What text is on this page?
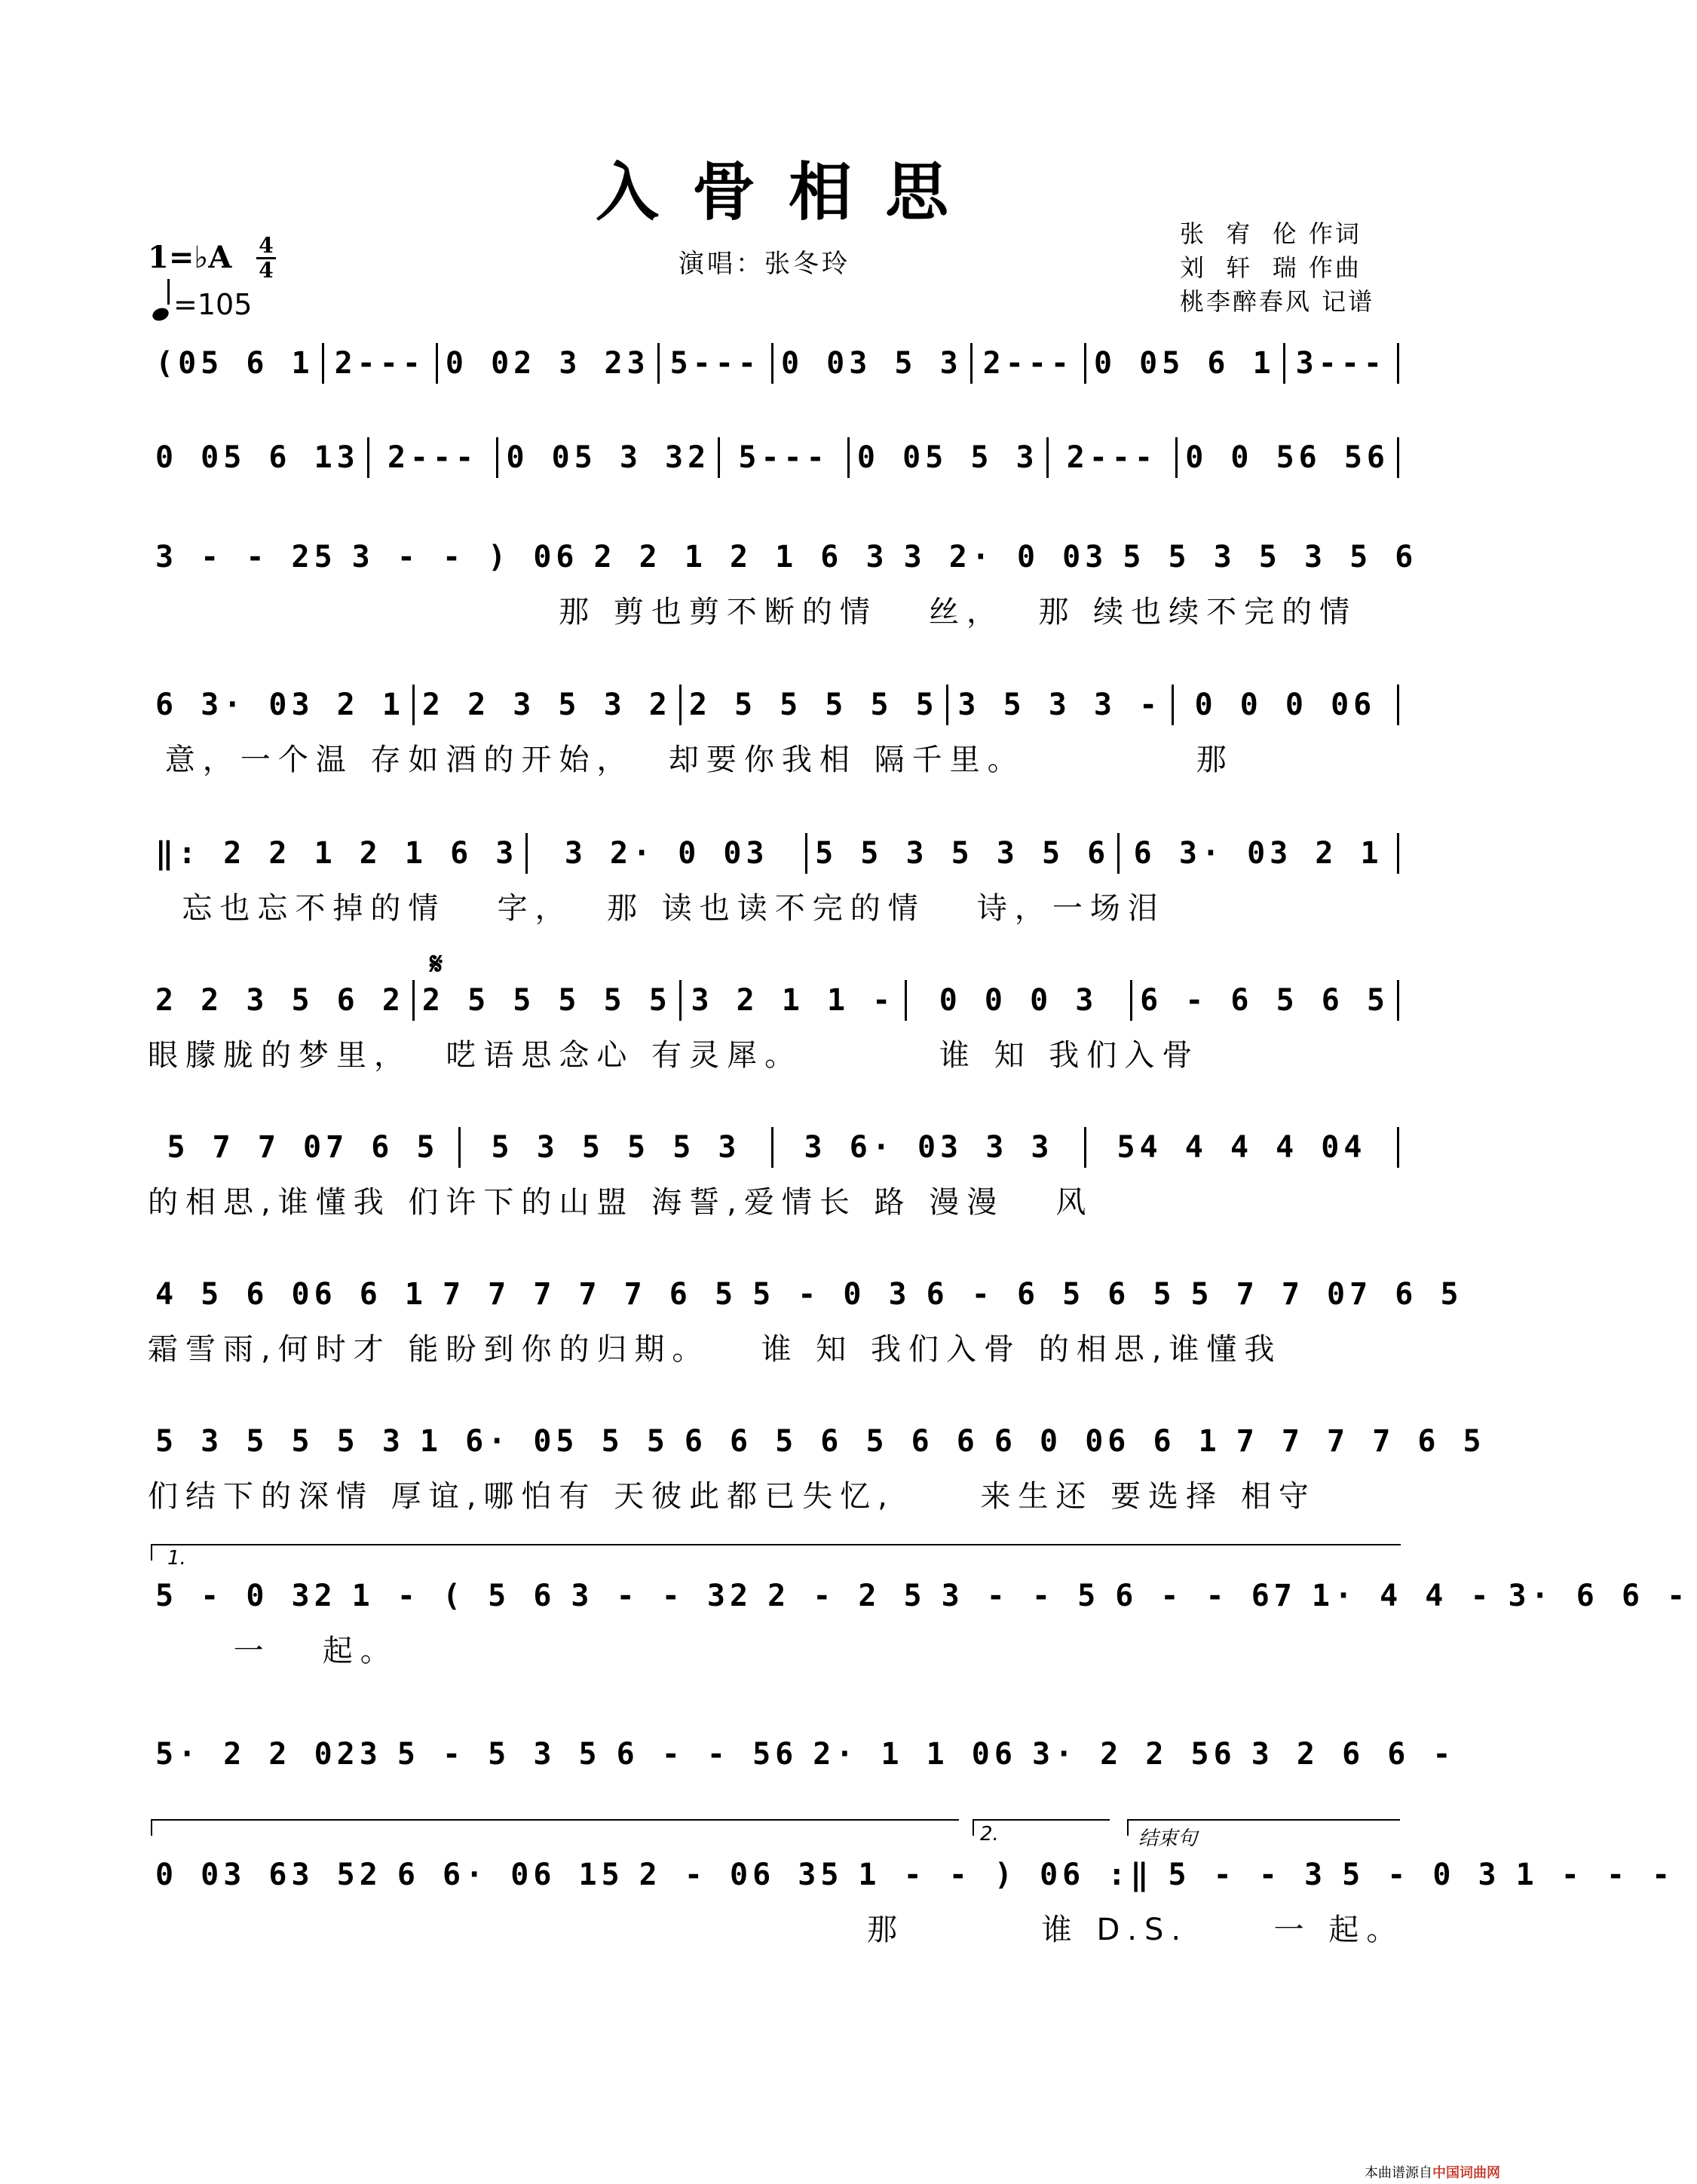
入骨相思
演唱：张冬玲
张  宥  伦 作词
刘  轩  瑞 作曲
桃李醉春风 记谱
1=♭A 4
4
=105
𝄋
(05 6 1 2--- 0 02 3 23 5--- 0 03 5 3 2--- 0 05 6 1 3---
0 05 6 13 2--- 0 05 3 32 5--- 0 05 5 3 2--- 0 0 56 56
3 - - 25 3 - - ) 06 2 2 1 2 1 6 3 3 2· 0 03 5 5 3 5 3 5 6
那 剪也剪不断的情   丝，  那 续也续不完的情
6 3· 03 2 1 2 2 3 5 3 2 2 5 5 5 5 5 3 5 3 3 -	0 0 0 06
意，一个温 存如酒的开始，  却要你我相 隔千里。          那
‖: 2 2 1 2 1 6 3	3 2· 0 03	5 5 3 5 3 5 6 6 3· 03 2 1
忘也忘不掉的情   字，  那 读也读不完的情   诗，一场泪
2 2 3 5 6 2 2 5 5 5 5 5 3 2 1 1 -	0 0 0 3	6 - 6 5 6 5
眼朦胧的梦里，  呓语思念心 有灵犀。        谁 知 我们入骨
5 7 7 07 6 5	5 3 5 5 5 3	3 6· 03 3 3	54 4 4 4 04
的相思,谁懂我 们许下的山盟 海誓,爱情长 路 漫漫   风
4 5 6 06 6 1 7 7 7 7 7 6 5 5 - 0 3 6 - 6 5 6 5 5 7 7 07 6 5
霜雪雨,何时才 能盼到你的归期。   谁 知 我们入骨 的相思,谁懂我
5 3 5 5 5 3 1 6· 05 5 5 6 6 5 6 5 6 6 6 0 06 6 1 7 7 7 7 6 5
们结下的深情 厚谊,哪怕有 天彼此都已失忆,     来生还 要选择 相守
5 - 0 32 1 - ( 5 6 3 - - 32 2 - 2 5 3 - - 5 6 - - 67 1· 4 4 - 3· 6 6 -
一   起。
5· 2 2 023 5 - 5 3 5 6 - - 56 2· 1 1 06 3· 2 2 56 3 2 6 6 -
0 03 63 52 6 6· 06 15 2 - 06 35 1 - - ) 06 :‖ 5 - - 3 5 - 0 3 1 - - -
那        谁 D.S.     一 起。
1.
2.	结束句
本曲谱源自中国词曲网
